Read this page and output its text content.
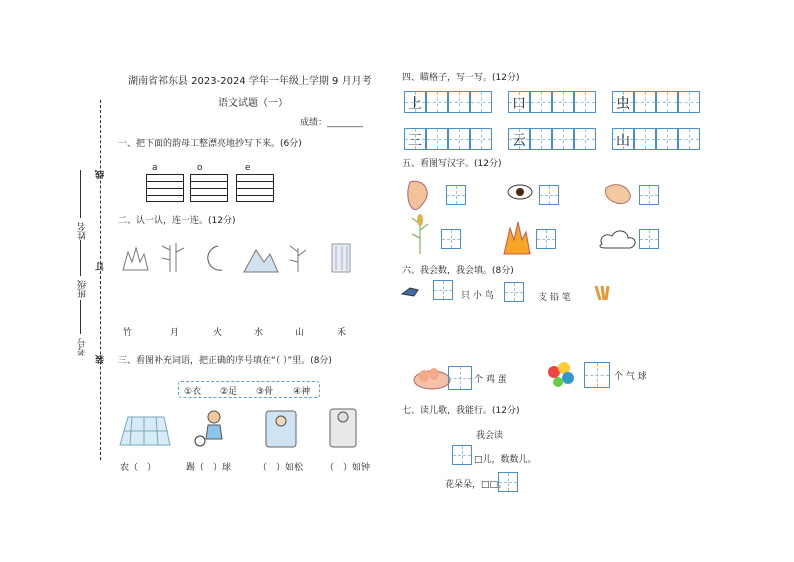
考号
装
班级
订
姓名
线
湖南省祁东县 2023-2024 学年一年级上学期 9 月月考
语文试题（一）
成绩：________
一、把下面的韵母工整漂亮地抄写下来。(6分)
a	o	e
二、认一认，连一连。(12分)
竹	月	火	水	山	禾
三、看图补充词语，把正确的序号填在“（ ）”里。(8分)
①衣 ②足 ③骨 ④神
农（　）	踢（　）球	（　）如松 （　）如钟
四、瞄格子，写一写。(12分)
上	口	虫
三	云	山
五、看图写汉字。(12分)
六、我会数，我会填。(8分)
只 小 鸟	支 铅 笔
个 鸡 蛋	个 气 球
七、读儿歌，我能行。(12分)
我会读
□儿，数数儿。
花朵朵，□□。
